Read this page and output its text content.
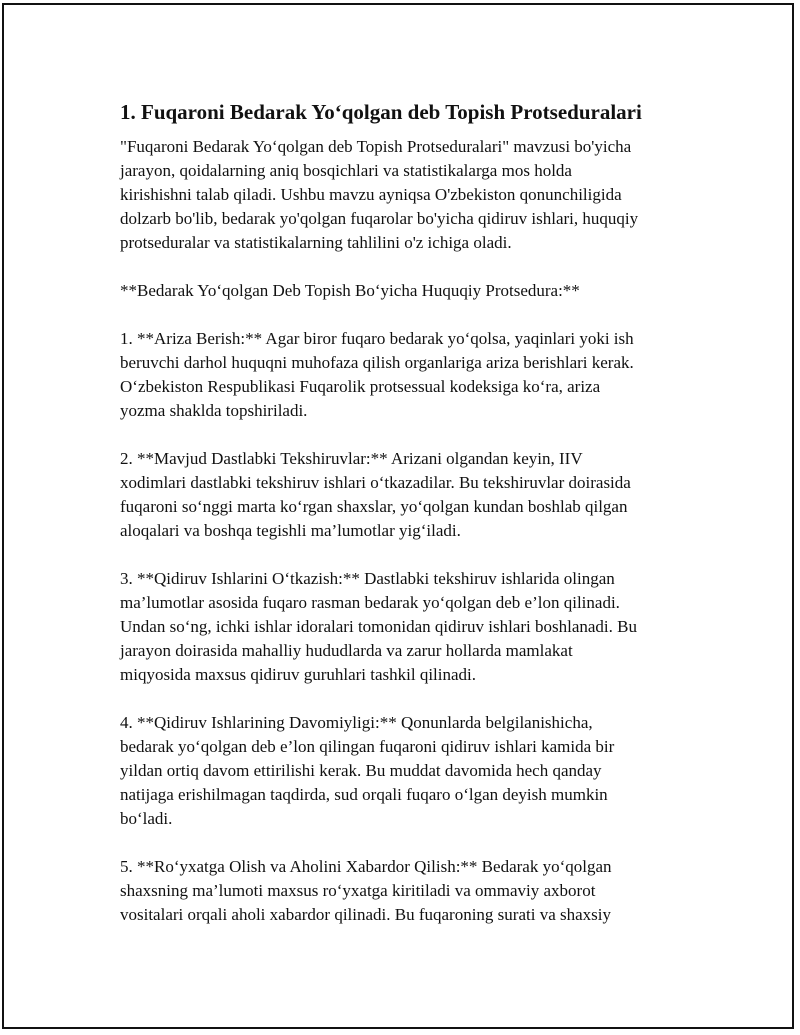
1. Fuqaroni Bedarak Yo‘qolgan deb Topish Protseduralari

"Fuqaroni Bedarak Yo‘qolgan deb Topish Protseduralari" mavzusi bo'yicha
jarayon, qoidalarning aniq bosqichlari va statistikalarga mos holda
kirishishni talab qiladi. Ushbu mavzu ayniqsa O'zbekiston qonunchiligida
dolzarb bo'lib, bedarak yo'qolgan fuqarolar bo'yicha qidiruv ishlari, huquqiy
protseduralar va statistikalarning tahlilini o'z ichiga oladi.

**Bedarak Yo‘qolgan Deb Topish Bo‘yicha Huquqiy Protsedura:**

1. **Ariza Berish:** Agar biror fuqaro bedarak yo‘qolsa, yaqinlari yoki ish
beruvchi darhol huquqni muhofaza qilish organlariga ariza berishlari kerak.
O‘zbekiston Respublikasi Fuqarolik protsessual kodeksiga ko‘ra, ariza
yozma shaklda topshiriladi.

2. **Mavjud Dastlabki Tekshiruvlar:** Arizani olgandan keyin, IIV
xodimlari dastlabki tekshiruv ishlari o‘tkazadilar. Bu tekshiruvlar doirasida
fuqaroni so‘nggi marta ko‘rgan shaxslar, yo‘qolgan kundan boshlab qilgan
aloqalari va boshqa tegishli ma’lumotlar yig‘iladi.

3. **Qidiruv Ishlarini O‘tkazish:** Dastlabki tekshiruv ishlarida olingan
ma’lumotlar asosida fuqaro rasman bedarak yo‘qolgan deb e’lon qilinadi.
Undan so‘ng, ichki ishlar idoralari tomonidan qidiruv ishlari boshlanadi. Bu
jarayon doirasida mahalliy hududlarda va zarur hollarda mamlakat
miqyosida maxsus qidiruv guruhlari tashkil qilinadi.

4. **Qidiruv Ishlarining Davomiyligi:** Qonunlarda belgilanishicha,
bedarak yo‘qolgan deb e’lon qilingan fuqaroni qidiruv ishlari kamida bir
yildan ortiq davom ettirilishi kerak. Bu muddat davomida hech qanday
natijaga erishilmagan taqdirda, sud orqali fuqaro o‘lgan deyish mumkin
bo‘ladi.

5. **Ro‘yxatga Olish va Aholini Xabardor Qilish:** Bedarak yo‘qolgan
shaxsning ma’lumoti maxsus ro‘yxatga kiritiladi va ommaviy axborot
vositalari orqali aholi xabardor qilinadi. Bu fuqaroning surati va shaxsiy
